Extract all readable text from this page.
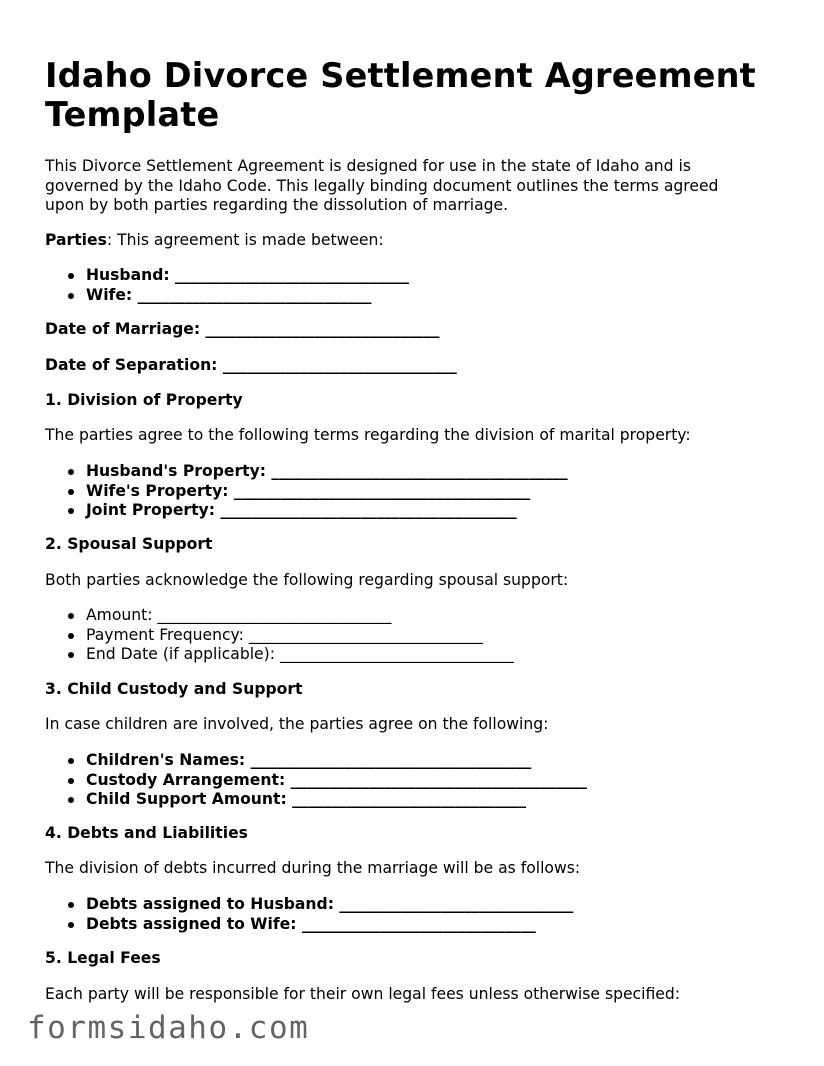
Idaho Divorce Settlement Agreement Template

This Divorce Settlement Agreement is designed for use in the state of Idaho and is

governed by the Idaho Code. This legally binding document outlines the terms agreed

upon by both parties regarding the dissolution of marriage.

Parties: This agreement is made between:

Husband: ______________________________
Wife: ______________________________

Date of Marriage: ______________________________

Date of Separation: ______________________________

1. Division of Property

The parties agree to the following terms regarding the division of marital property:

Husband's Property: ______________________________________
Wife's Property: ______________________________________
Joint Property: ______________________________________

2. Spousal Support

Both parties acknowledge the following regarding spousal support:

Amount: ______________________________
Payment Frequency: ______________________________
End Date (if applicable): ______________________________

3. Child Custody and Support

In case children are involved, the parties agree on the following:

Children's Names: ____________________________________
Custody Arrangement: ______________________________________
Child Support Amount: ______________________________

4. Debts and Liabilities

The division of debts incurred during the marriage will be as follows:

Debts assigned to Husband: ______________________________
Debts assigned to Wife: ______________________________

5. Legal Fees

Each party will be responsible for their own legal fees unless otherwise specified:

formsidaho.com
